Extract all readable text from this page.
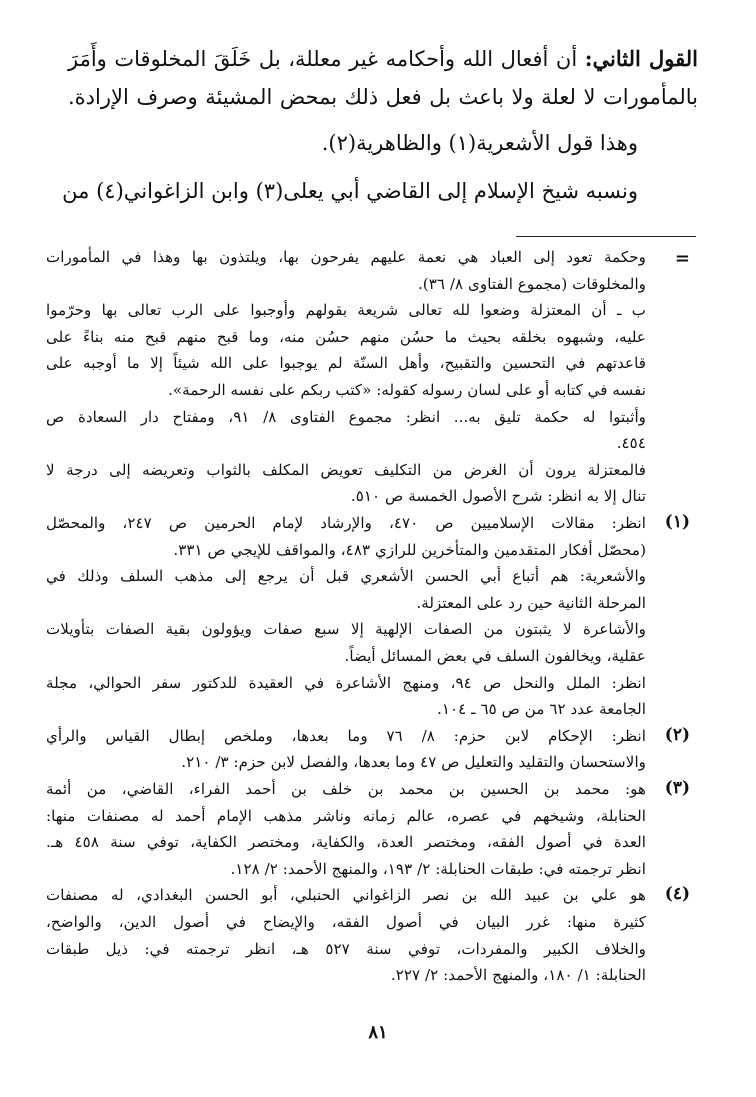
القول الثاني: أن أفعال الله وأحكامه غير معللة، بل خَلَقَ المخلوقات وأَمَرَ
بالمأمورات لا لعلة ولا باعث بل فعل ذلك بمحض المشيئة وصرف الإرادة.
وهذا قول الأشعرية(١) والظاهرية(٢).
ونسبه شيخ الإسلام إلى القاضي أبي يعلى(٣) وابن الزاغواني(٤) من
=
وحكمة تعود إلى العباد هي نعمة عليهم يفرحون بها، ويلتذون بها وهذا في المأمورات
والمخلوقات (مجموع الفتاوى ٨/ ٣٦).
ب ـ أن المعتزلة وضعوا لله تعالى شريعة بقولهم وأوجبوا على الرب تعالى بها وحرّموا
عليه، وشبهوه بخلقه بحيث ما حسُن منهم حسُن منه، وما قبح منهم قبح منه بناءً على
قاعدتهم في التحسين والتقبيح، وأهل السنّة لم يوجبوا على الله شيئاً إلا ما أوجبه على
نفسه في كتابه أو على لسان رسوله كقوله: «كتب ربكم على نفسه الرحمة».
وأثبتوا له حكمة تليق به... انظر: مجموع الفتاوى ٨/ ٩١، ومفتاح دار السعادة ص
٤٥٤.
فالمعتزلة يرون أن الغرض من التكليف تعويض المكلف بالثواب وتعريضه إلى درجة لا
تنال إلا به انظر: شرح الأصول الخمسة ص ٥١٠.
(١)
انظر: مقالات الإسلاميين ص ٤٧٠، والإرشاد لإمام الحرمين ص ٢٤٧، والمحصّل
(محصّل أفكار المتقدمين والمتأخرين للرازي ٤٨٣، والمواقف للإيجي ص ٣٣١.
والأشعرية: هم أتباع أبي الحسن الأشعري قبل أن يرجع إلى مذهب السلف وذلك في
المرحلة الثانية حين رد على المعتزلة.
والأشاعرة لا يثبتون من الصفات الإلهية إلا سبع صفات ويؤولون بقية الصفات بتأويلات
عقلية، ويخالفون السلف في بعض المسائل أيضاً.
انظر: الملل والنحل ص ٩٤، ومنهج الأشاعرة في العقيدة للدكتور سفر الحوالي، مجلة
الجامعة عدد ٦٢ من ص ٦٥ ـ ١٠٤.
(٢)
انظر: الإحكام لابن حزم: ٨/ ٧٦ وما بعدها، وملخص إبطال القياس والرأي
والاستحسان والتقليد والتعليل ص ٤٧ وما بعدها، والفصل لابن حزم: ٣/ ٢١٠.
(٣)
هو: محمد بن الحسين بن محمد بن خلف بن أحمد الفراء، القاضي، من أئمة
الحنابلة، وشيخهم في عصره، عالم زمانه وناشر مذهب الإمام أحمد له مصنفات منها:
العدة في أصول الفقه، ومختصر العدة، والكفاية، ومختصر الكفاية، توفي سنة ٤٥٨ هـ.
انظر ترجمته في: طبقات الحنابلة: ٢/ ١٩٣، والمنهج الأحمد: ٢/ ١٢٨.
(٤)
هو علي بن عبيد الله بن نصر الزاغواني الحنبلي، أبو الحسن البغدادي، له مصنفات
كثيرة منها: غرر البيان في أصول الفقه، والإيضاح في أصول الدين، والواضح،
والخلاف الكبير والمفردات، توفي سنة ٥٢٧ هـ، انظر ترجمته في: ذيل طبقات
الحنابلة: ١/ ١٨٠، والمنهج الأحمد: ٢/ ٢٢٧.
٨١
